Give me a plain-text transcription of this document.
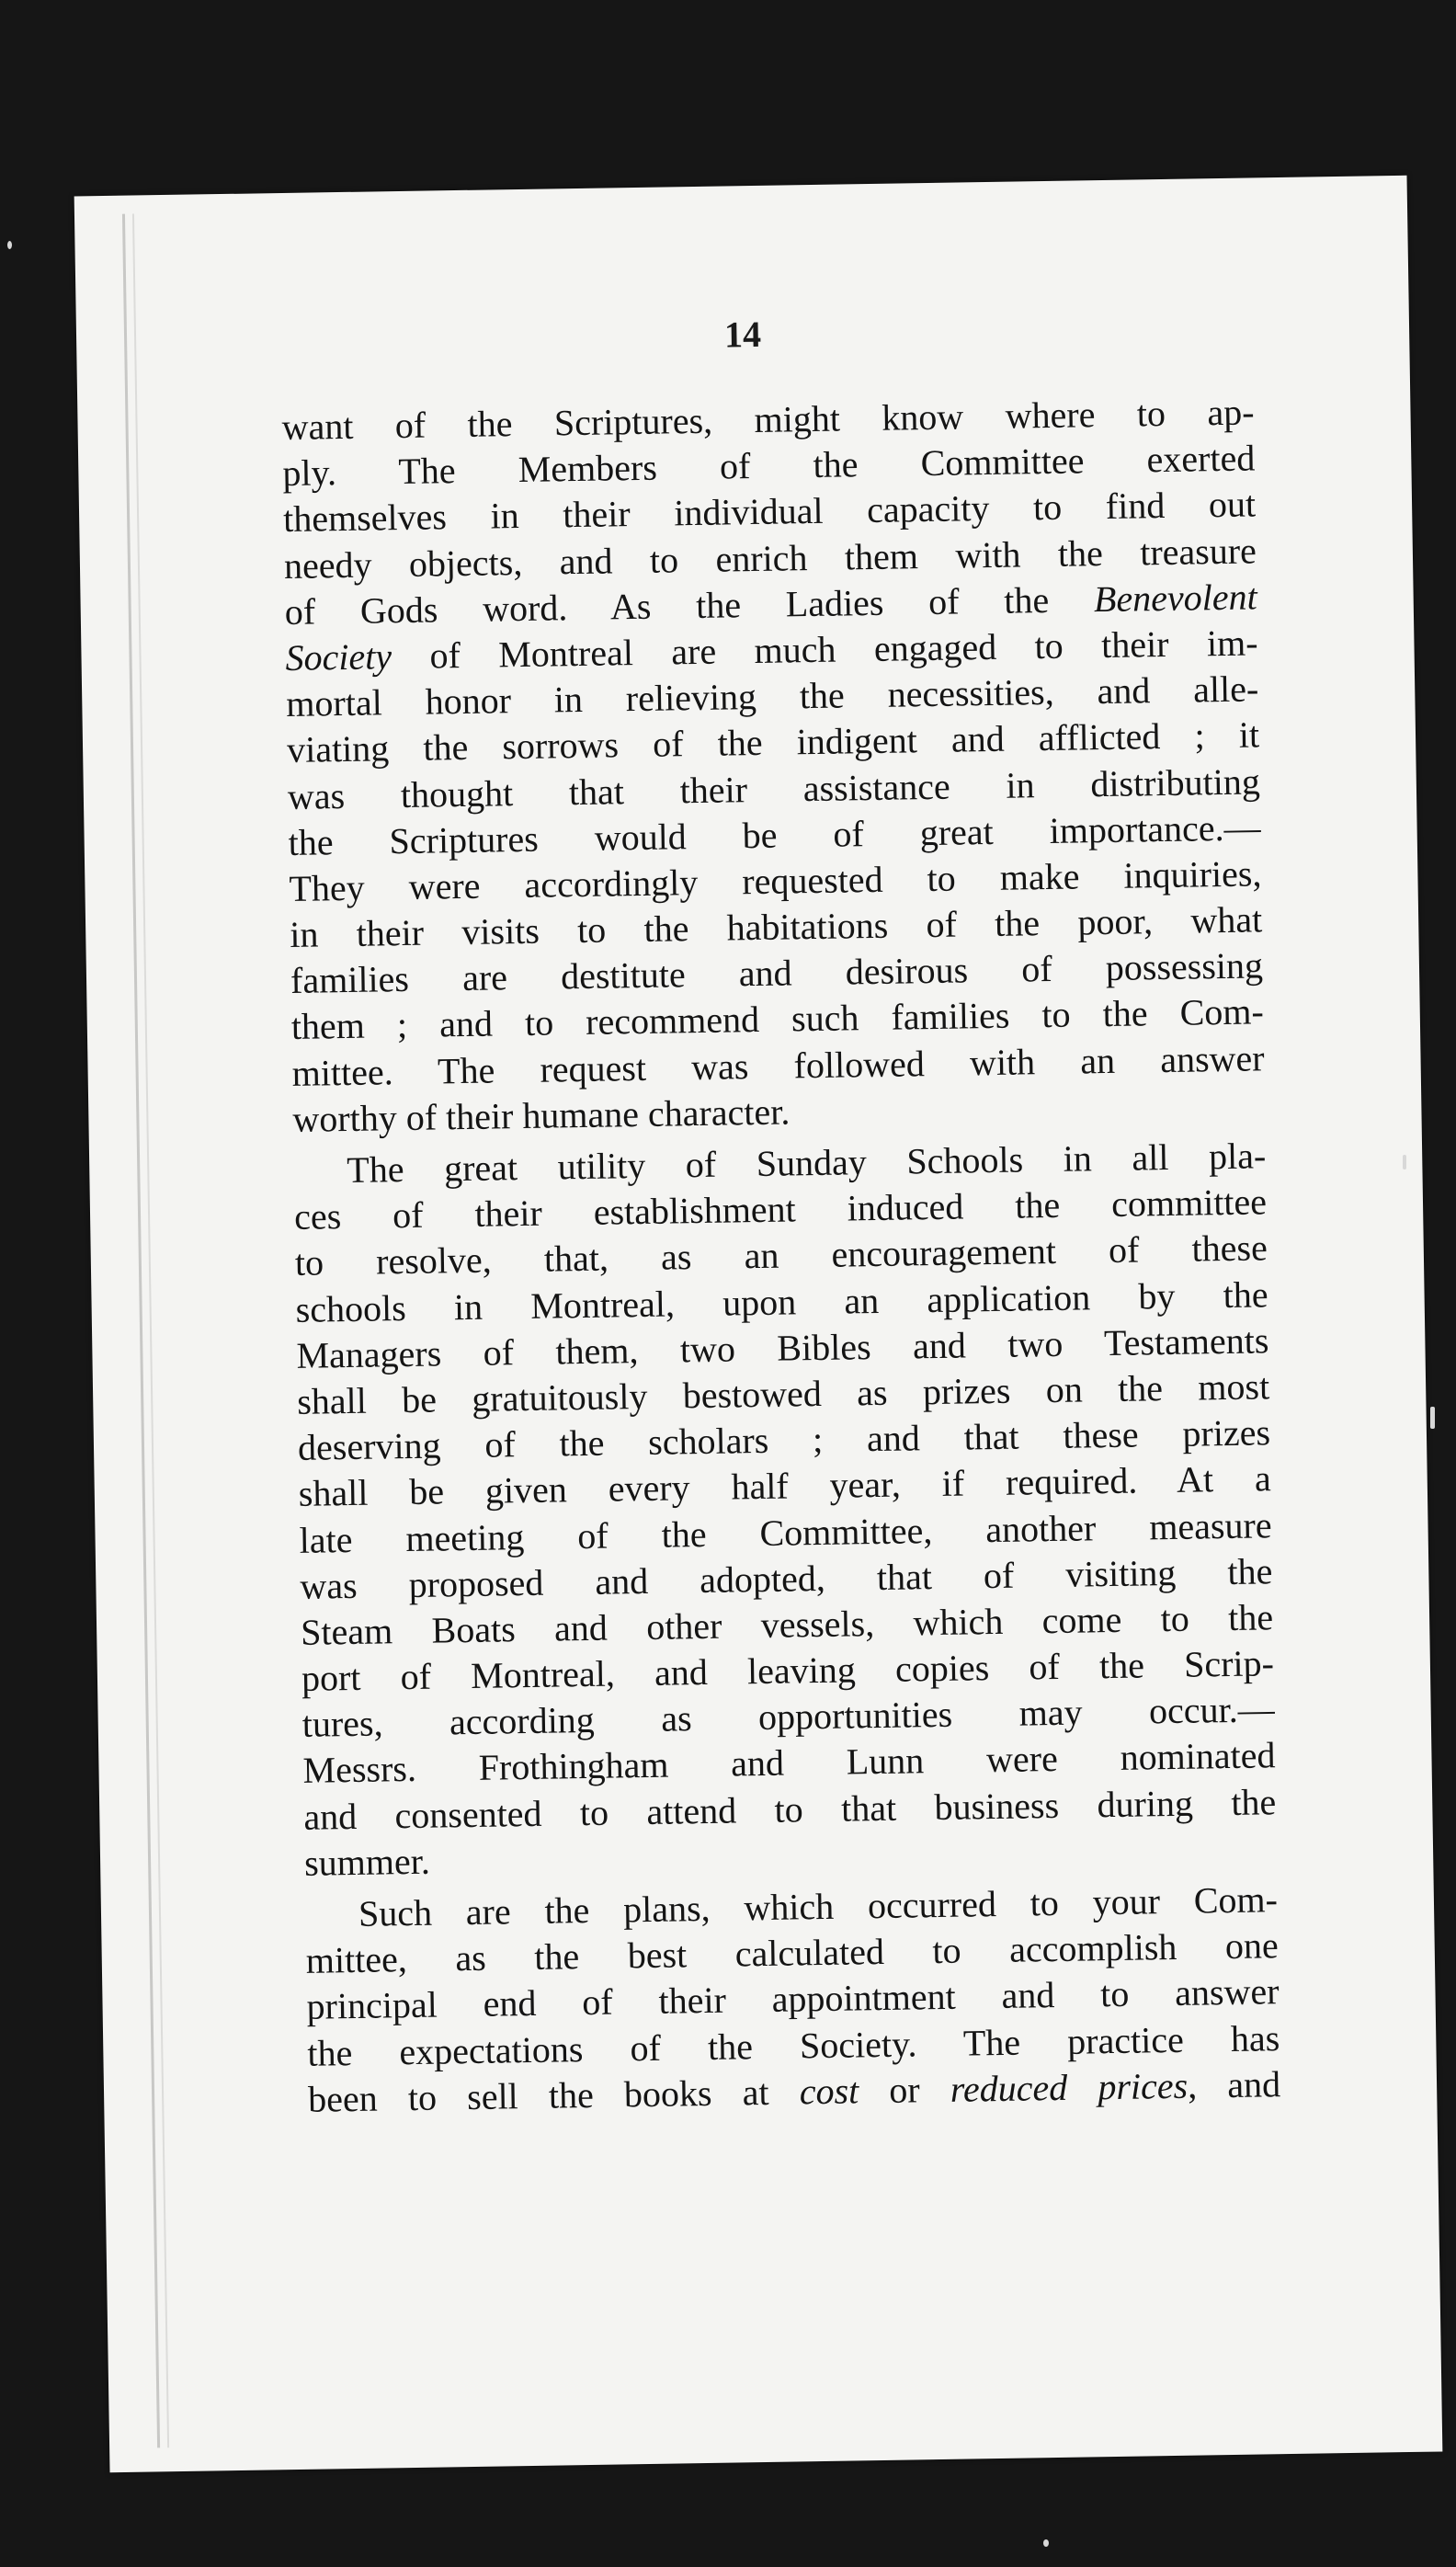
14
want of the Scriptures, might know where to ap-
ply. The Members of the Committee exerted
themselves in their individual capacity to find out
needy objects, and to enrich them with the treasure
of Gods word. As the Ladies of the Benevolent
Society of Montreal are much engaged to their im-
mortal honor in relieving the necessities, and alle-
viating the sorrows of the indigent and afflicted ; it
was thought that their assistance in distributing
the Scriptures would be of great importance.—
They were accordingly requested to make inquiries,
in their visits to the habitations of the poor, what
families are destitute and desirous of possessing
them ; and to recommend such families to the Com-
mittee. The request was followed with an answer
worthy of their humane character.
The great utility of Sunday Schools in all pla-
ces of their establishment induced the committee
to resolve, that, as an encouragement of these
schools in Montreal, upon an application by the
Managers of them, two Bibles and two Testaments
shall be gratuitously bestowed as prizes on the most
deserving of the scholars ; and that these prizes
shall be given every half year, if required. At a
late meeting of the Committee, another measure
was proposed and adopted, that of visiting the
Steam Boats and other vessels, which come to the
port of Montreal, and leaving copies of the Scrip-
tures, according as opportunities may occur.—
Messrs. Frothingham and Lunn were nominated
and consented to attend to that business during the
summer.
Such are the plans, which occurred to your Com-
mittee, as the best calculated to accomplish one
principal end of their appointment and to answer
the expectations of the Society. The practice has
been to sell the books at cost or reduced prices, and
